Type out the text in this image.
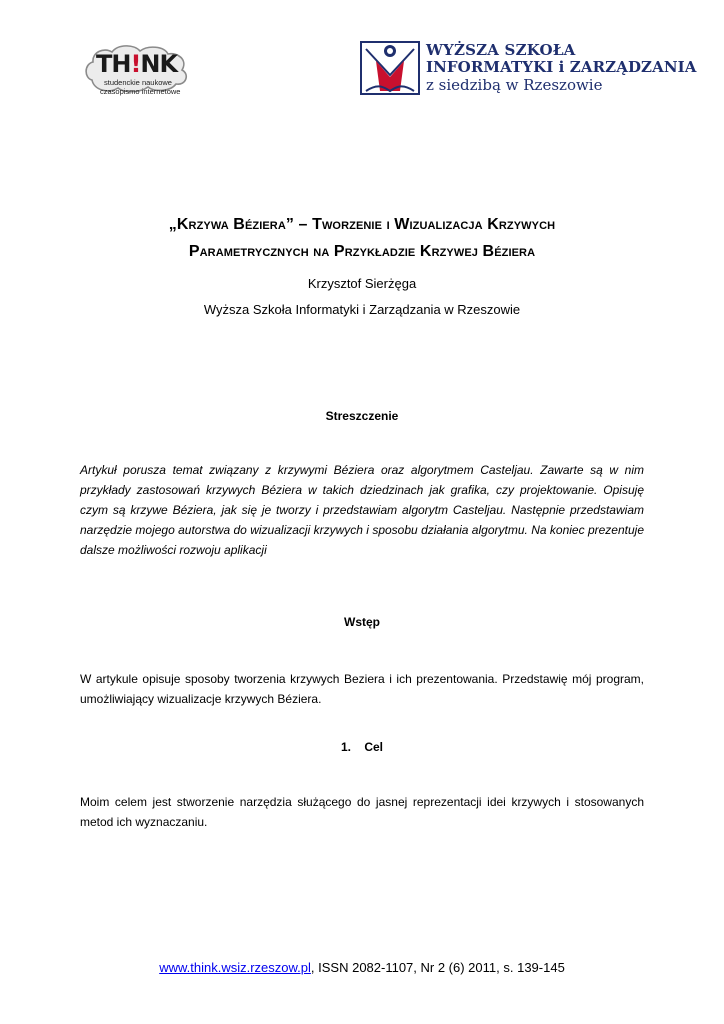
TH!NK
studenckie naukowe
czasopismo internetowe
WYŻSZA SZKOŁA
INFORMATYKI i ZARZĄDZANIA
z siedzibą w Rzeszowie
„Krzywa Béziera” – Tworzenie i Wizualizacja Krzywych
Parametrycznych na Przykładzie Krzywej Béziera
Krzysztof Sierżęga
Wyższa Szkoła Informatyki i Zarządzania w Rzeszowie
Streszczenie
Artykuł porusza temat związany z krzywymi Béziera oraz algorytmem Casteljau. Zawarte są w nim przykłady zastosowań krzywych Béziera w takich dziedzinach jak grafika, czy projektowanie. Opisuję czym są krzywe Béziera, jak się je tworzy i przedstawiam algorytm Casteljau. Następnie przedstawiam narzędzie mojego autorstwa do wizualizacji krzywych i sposobu działania algorytmu. Na koniec prezentuje dalsze możliwości rozwoju aplikacji
Wstęp
W artykule opisuje sposoby tworzenia krzywych Beziera i ich prezentowania. Przedstawię mój program, umożliwiający wizualizacje krzywych Béziera.
1.    Cel
Moim celem jest stworzenie narzędzia służącego do jasnej reprezentacji idei krzywych i stosowanych metod ich wyznaczaniu.
www.think.wsiz.rzeszow.pl, ISSN 2082-1107, Nr 2 (6) 2011, s. 139-145
